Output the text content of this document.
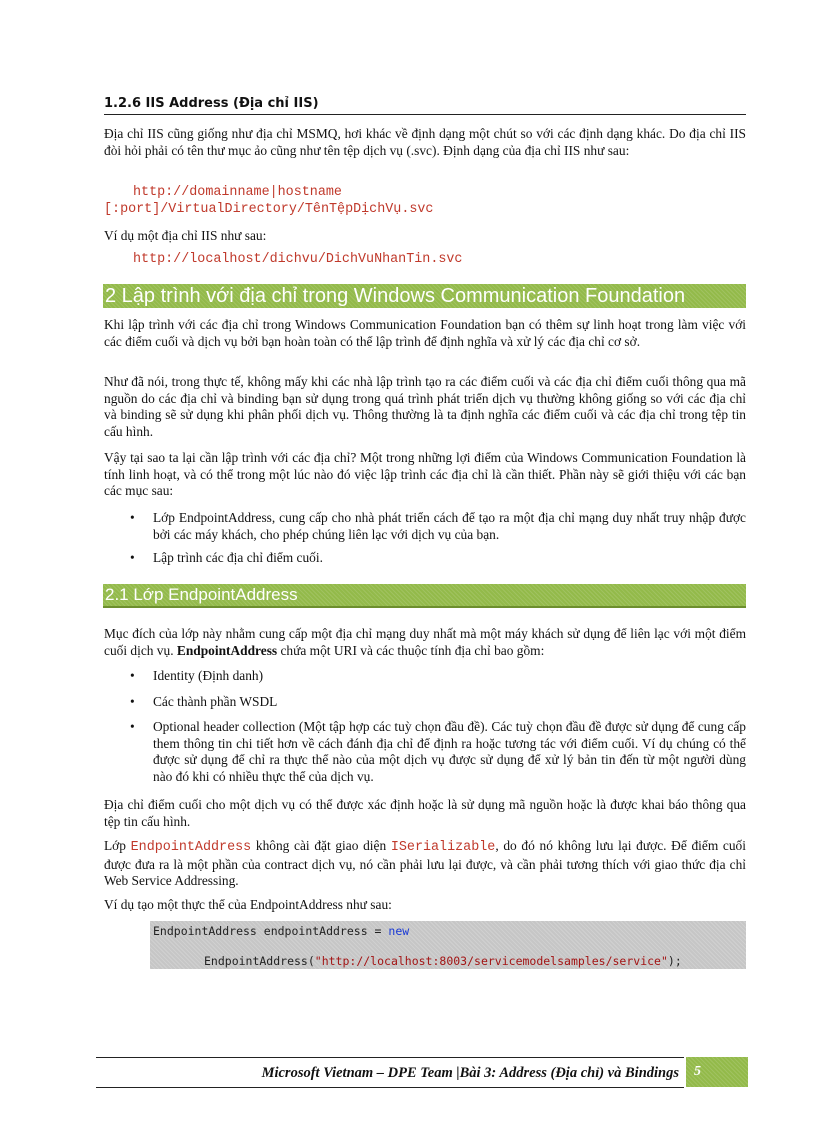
1.2.6 IIS Address (Địa chỉ IIS)
Địa chỉ IIS cũng giống như địa chỉ MSMQ, hơi khác về định dạng một chút so với các định dạng khác. Do địa chỉ IIS đòi hỏi phải có tên thư mục ảo cũng như tên tệp dịch vụ (.svc). Định dạng của địa chỉ IIS như sau:
http://domainname|hostname
[:port]/VirtualDirectory/TênTệpDịchVụ.svc
Ví dụ một địa chỉ IIS như sau:
http://localhost/dichvu/DichVuNhanTin.svc
2 Lập trình với địa chỉ trong Windows Communication Foundation
Khi lập trình với các địa chỉ trong Windows Communication Foundation bạn có thêm sự linh hoạt trong làm việc với các điểm cuối và dịch vụ bởi bạn hoàn toàn có thể lập trình để định nghĩa và xử lý các địa chỉ cơ sở.
Như đã nói, trong thực tế, không mấy khi các nhà lập trình tạo ra các điểm cuối và các địa chỉ điểm cuối thông qua mã nguồn do các địa chỉ và binding bạn sử dụng trong quá trình phát triển dịch vụ thường không giống so với các địa chỉ và binding sẽ sử dụng khi phân phối dịch vụ. Thông thường là ta định nghĩa các điểm cuối và các địa chỉ trong tệp tin cấu hình.
Vậy tại sao ta lại cần lập trình với các địa chỉ? Một trong những lợi điểm của Windows Communication Foundation là tính linh hoạt, và có thể trong một lúc nào đó việc lập trình các địa chỉ là cần thiết. Phần này sẽ giới thiệu với các bạn các mục sau:
• Lớp EndpointAddress, cung cấp cho nhà phát triển cách để tạo ra một địa chỉ mạng duy nhất truy nhập được bởi các máy khách, cho phép chúng liên lạc với dịch vụ của bạn.
• Lập trình các địa chỉ điểm cuối.
2.1 Lớp EndpointAddress
Mục đích của lớp này nhằm cung cấp một địa chỉ mạng duy nhất mà một máy khách sử dụng để liên lạc với một điểm cuối dịch vụ. EndpointAddress chứa một URI và các thuộc tính địa chỉ bao gồm:
• Identity (Định danh)
• Các thành phần WSDL
• Optional header collection (Một tập hợp các tuỳ chọn đầu đề). Các tuỳ chọn đầu đề được sử dụng để cung cấp them thông tin chi tiết hơn về cách đánh địa chỉ để định ra hoặc tương tác với điểm cuối. Ví dụ chúng có thể được sử dụng để chỉ ra thực thể nào của một dịch vụ được sử dụng để xử lý bản tin đến từ một người dùng nào đó khi có nhiều thực thể của dịch vụ.
Địa chỉ điểm cuối cho một dịch vụ có thể được xác định hoặc là sử dụng mã nguồn hoặc là được khai báo thông qua tệp tin cấu hình.
Lớp EndpointAddress không cài đặt giao diện ISerializable, do đó nó không lưu lại được. Để điểm cuối được đưa ra là một phần của contract dịch vụ, nó cần phải lưu lại được, và cần phải tương thích với giao thức địa chỉ Web Service Addressing.
Ví dụ tạo một thực thể của EndpointAddress như sau:
EndpointAddress endpointAddress = new
EndpointAddress("http://localhost:8003/servicemodelsamples/service");
Microsoft Vietnam – DPE Team |Bài 3: Address (Địa chỉ) và Bindings	5
